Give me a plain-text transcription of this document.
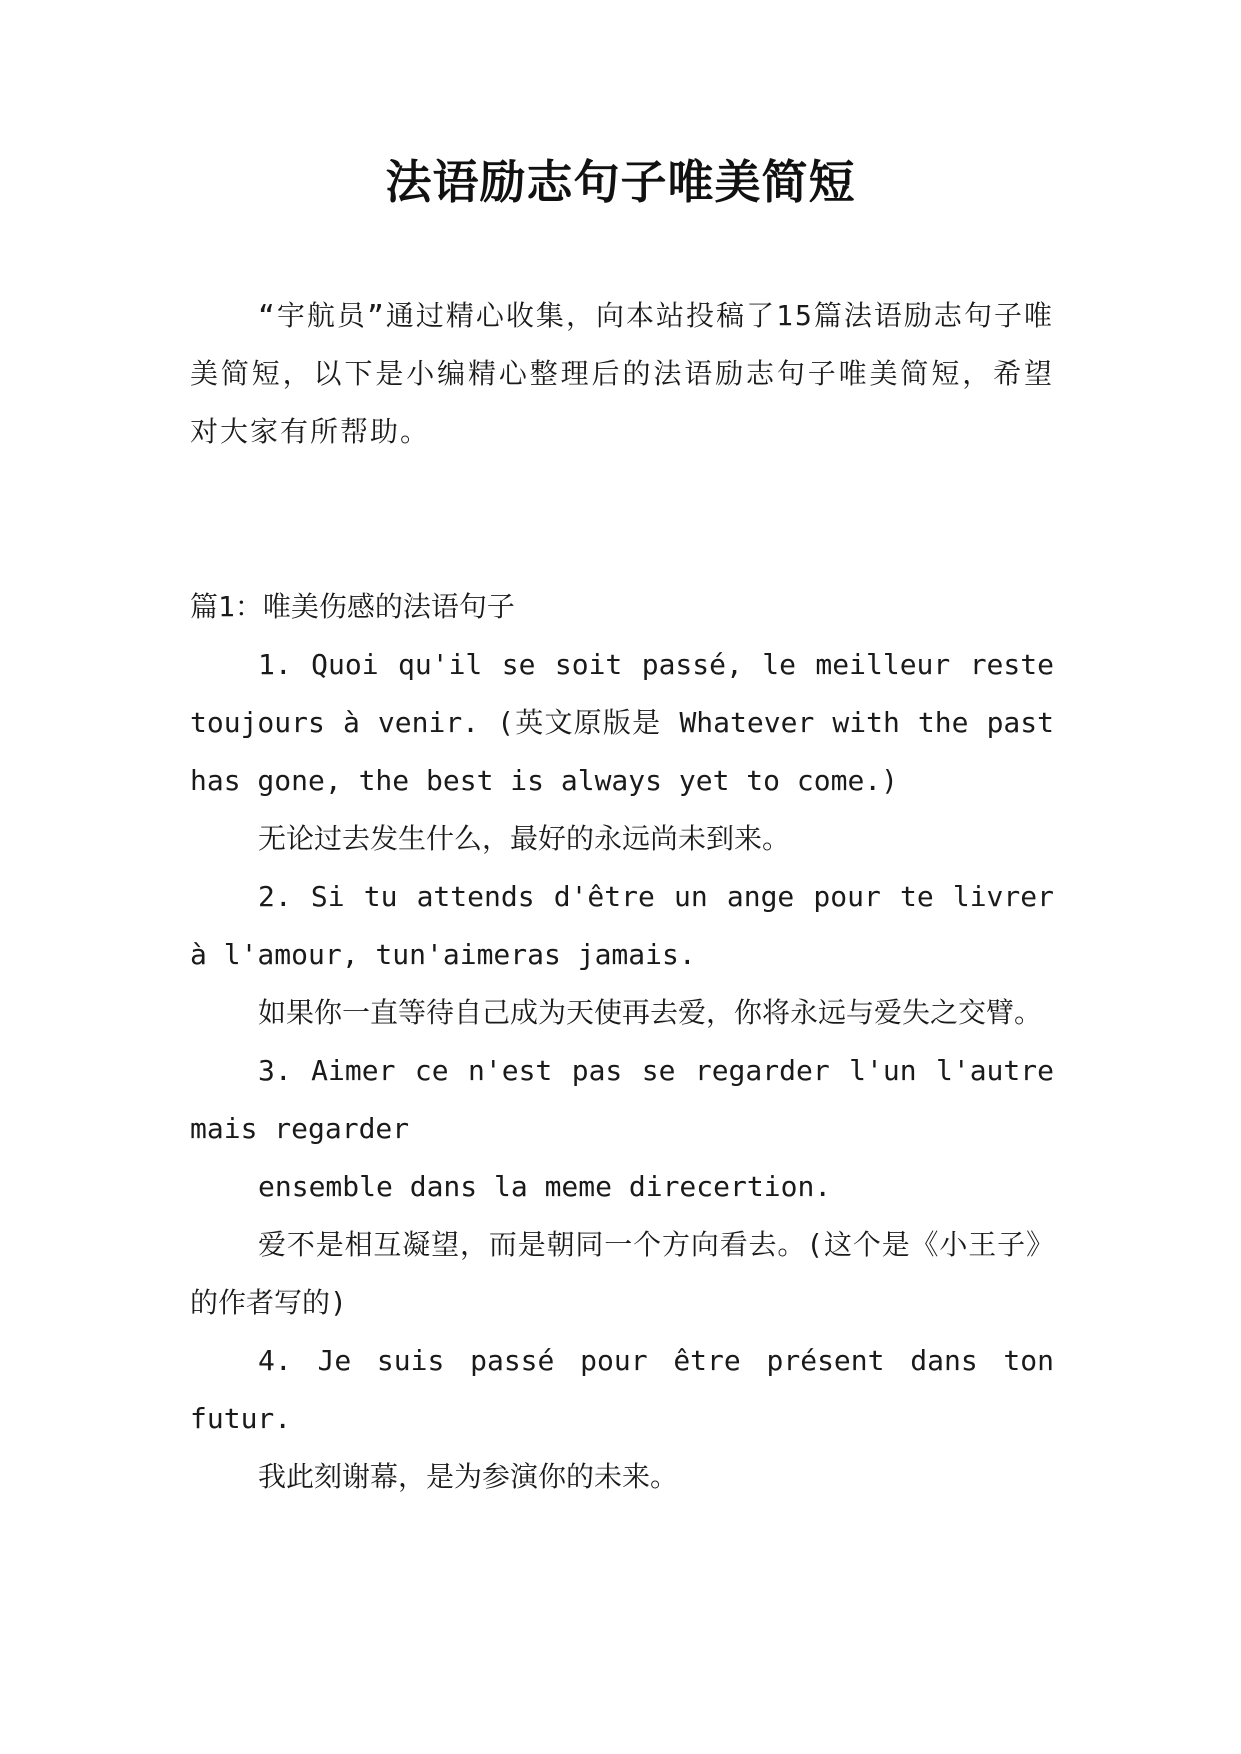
法语励志句子唯美简短

“宇航员”通过精心收集，向本站投稿了15篇法语励志句子唯美简短，以下是小编精心整理后的法语励志句子唯美简短，希望对大家有所帮助。

篇1：唯美伤感的法语句子

1. Quoi qu'il se soit passé, le meilleur reste toujours à venir. (英文原版是 Whatever with the past has gone, the best is always yet to come.)

无论过去发生什么，最好的永远尚未到来。

2. Si tu attends d'être un ange pour te livrer à l'amour, tun'aimeras jamais.

如果你一直等待自己成为天使再去爱，你将永远与爱失之交臂。

3. Aimer ce n'est pas se regarder l'un l'autre mais regarder

ensemble dans la meme direcertion.

爱不是相互凝望，而是朝同一个方向看去。(这个是《小王子》的作者写的)

4. Je suis passé pour être présent dans ton futur.

我此刻谢幕，是为参演你的未来。
